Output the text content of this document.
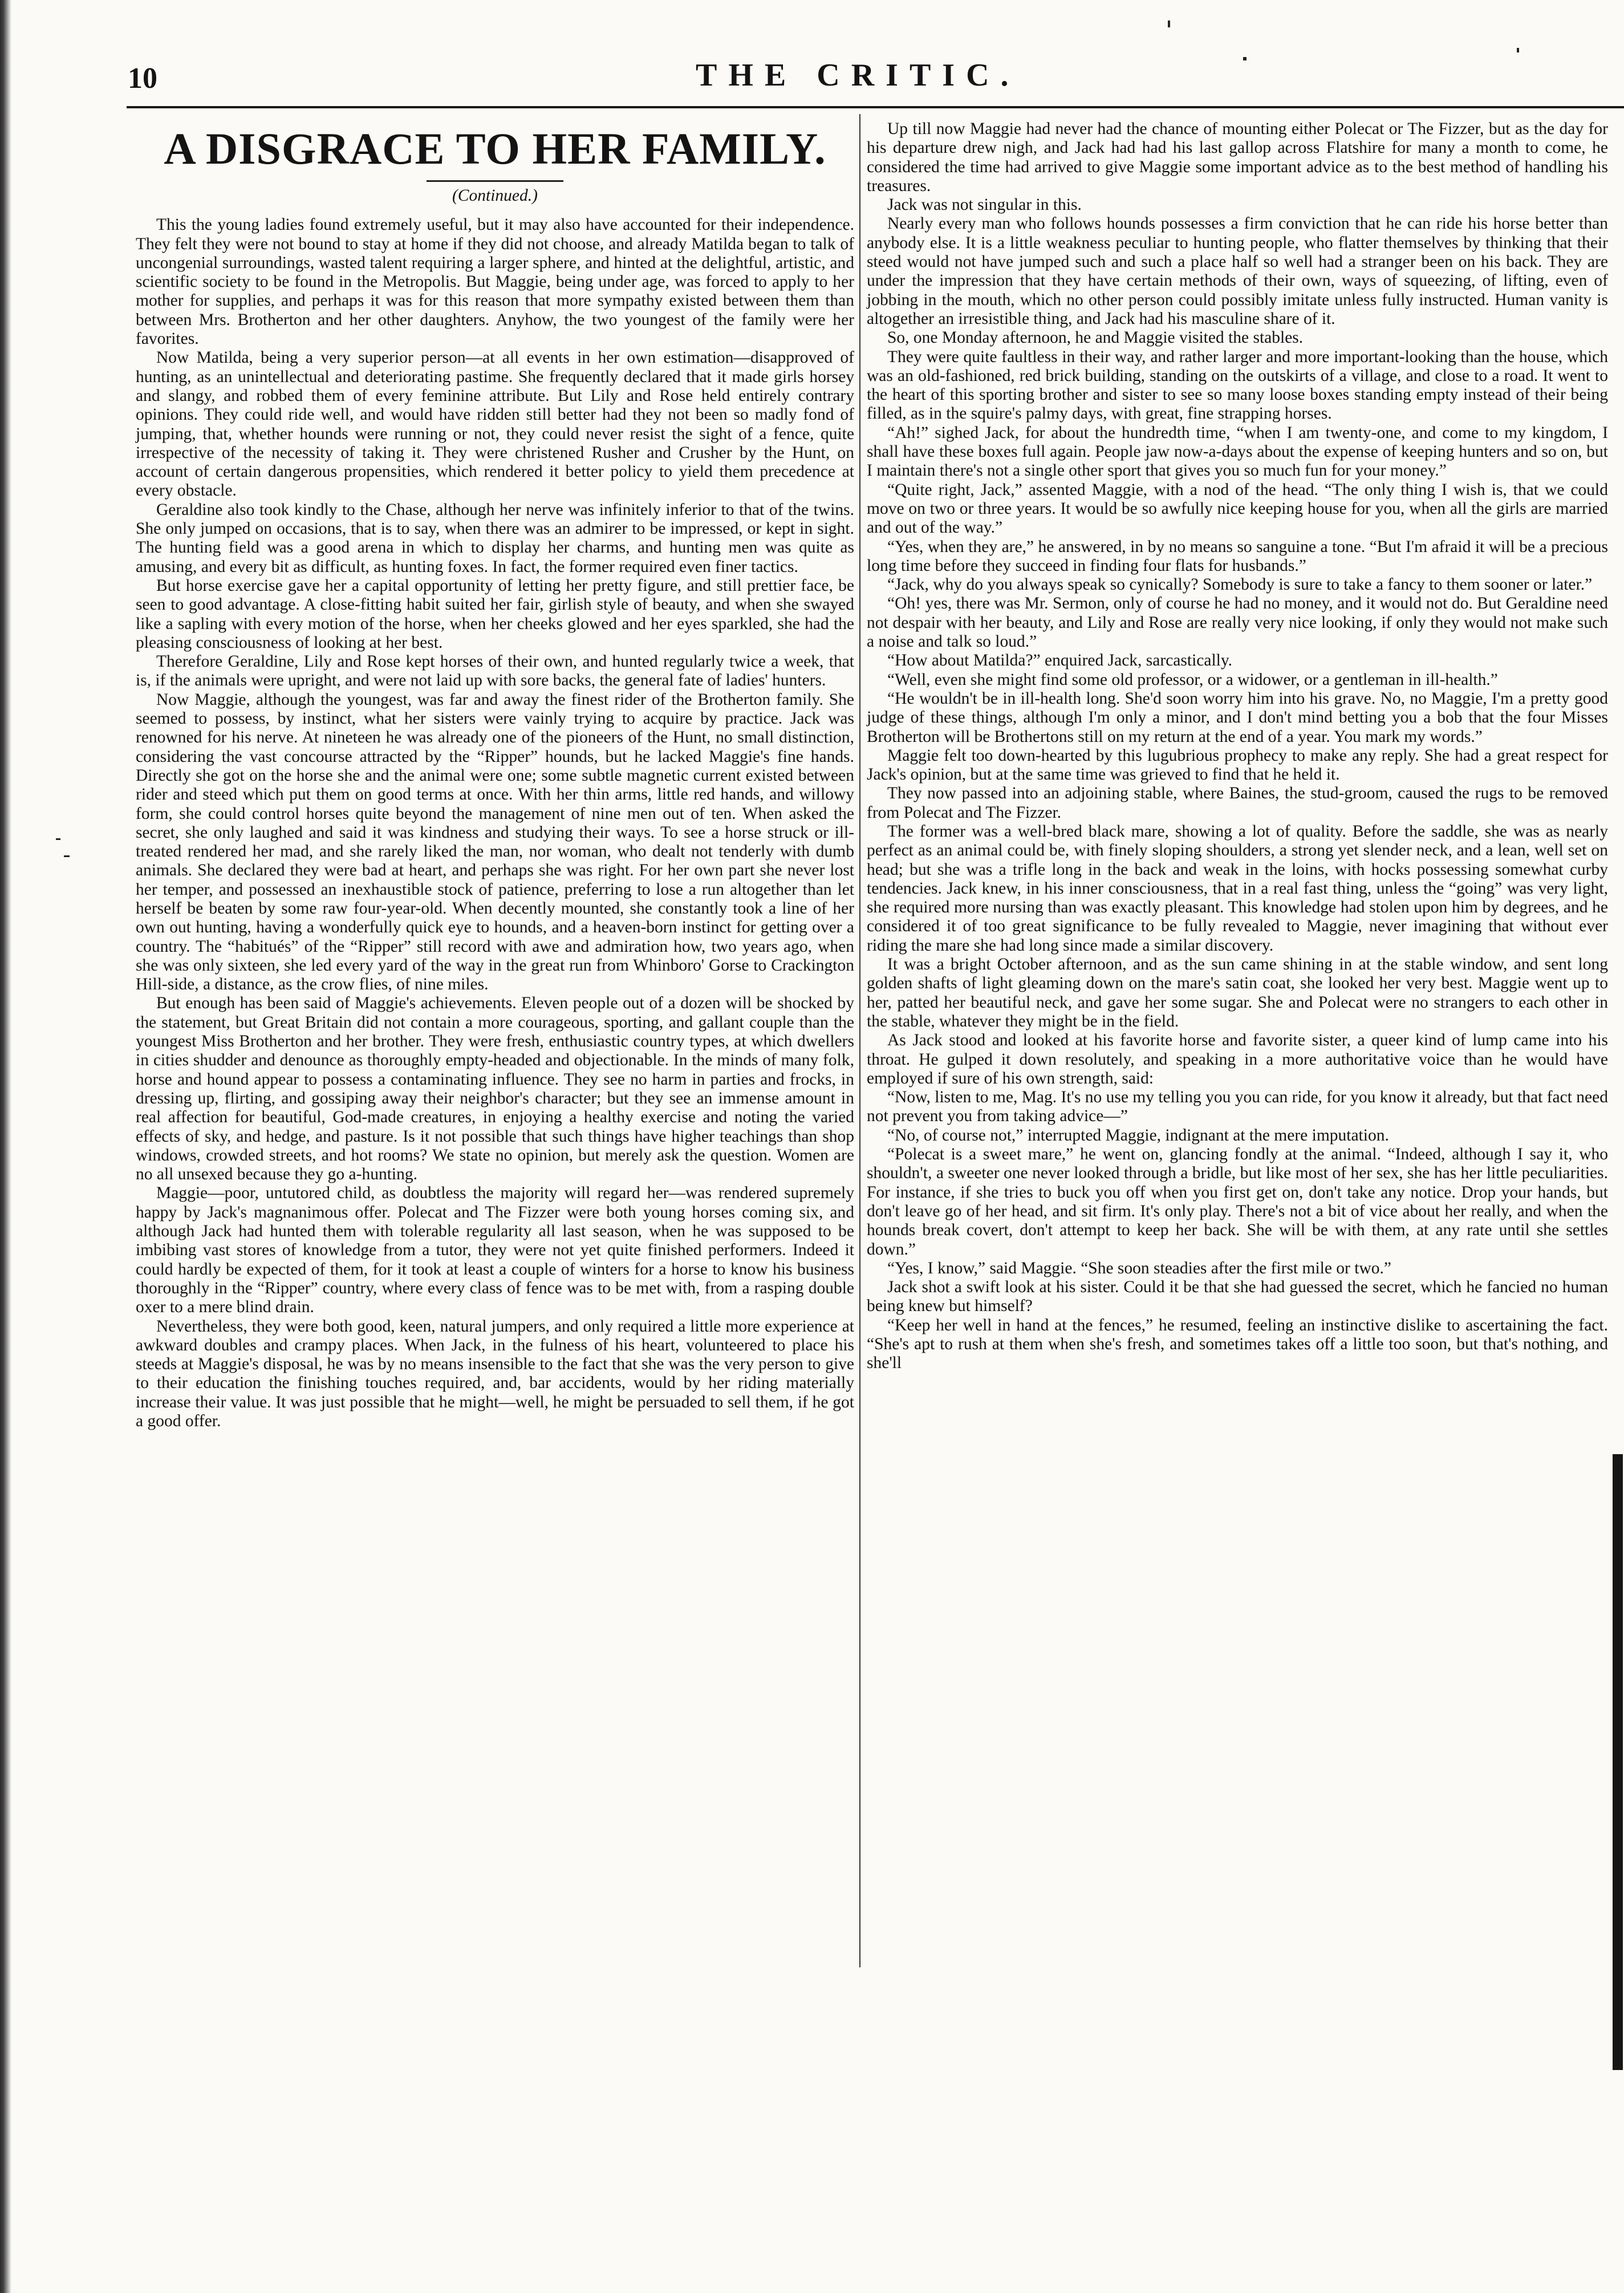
10	THE CRITIC.
A DISGRACE TO HER FAMILY.
(Continued.)

This the young ladies found extremely useful, but it may also have accounted for their independence. They felt they were not bound to stay at home if they did not choose, and already Matilda began to talk of uncongenial surroundings, wasted talent requiring a larger sphere, and hinted at the delightful, artistic, and scientific society to be found in the Metropolis. But Maggie, being under age, was forced to apply to her mother for supplies, and perhaps it was for this reason that more sympathy existed between them than between Mrs. Brotherton and her other daughters. Anyhow, the two youngest of the family were her favorites.

Now Matilda, being a very superior person—at all events in her own estimation—disapproved of hunting, as an unintellectual and deteriorating pastime. She frequently declared that it made girls horsey and slangy, and robbed them of every feminine attribute. But Lily and Rose held entirely contrary opinions. They could ride well, and would have ridden still better had they not been so madly fond of jumping, that, whether hounds were running or not, they could never resist the sight of a fence, quite irrespective of the necessity of taking it. They were christened Rusher and Crusher by the Hunt, on account of certain dangerous propensities, which rendered it better policy to yield them precedence at every obstacle.

Geraldine also took kindly to the Chase, although her nerve was infinitely inferior to that of the twins. She only jumped on occasions, that is to say, when there was an admirer to be impressed, or kept in sight. The hunting field was a good arena in which to display her charms, and hunting men was quite as amusing, and every bit as difficult, as hunting foxes. In fact, the former required even finer tactics.

But horse exercise gave her a capital opportunity of letting her pretty figure, and still prettier face, be seen to good advantage. A close-fitting habit suited her fair, girlish style of beauty, and when she swayed like a sapling with every motion of the horse, when her cheeks glowed and her eyes sparkled, she had the pleasing consciousness of looking at her best.

Therefore Geraldine, Lily and Rose kept horses of their own, and hunted regularly twice a week, that is, if the animals were upright, and were not laid up with sore backs, the general fate of ladies' hunters.

Now Maggie, although the youngest, was far and away the finest rider of the Brotherton family. She seemed to possess, by instinct, what her sisters were vainly trying to acquire by practice. Jack was renowned for his nerve. At nineteen he was already one of the pioneers of the Hunt, no small distinction, considering the vast concourse attracted by the “Ripper” hounds, but he lacked Maggie's fine hands. Directly she got on the horse she and the animal were one; some subtle magnetic current existed between rider and steed which put them on good terms at once. With her thin arms, little red hands, and willowy form, she could control horses quite beyond the management of nine men out of ten. When asked the secret, she only laughed and said it was kindness and studying their ways. To see a horse struck or ill-treated rendered her mad, and she rarely liked the man, nor woman, who dealt not tenderly with dumb animals. She declared they were bad at heart, and perhaps she was right. For her own part she never lost her temper, and possessed an inexhaustible stock of patience, preferring to lose a run altogether than let herself be beaten by some raw four-year-old. When decently mounted, she constantly took a line of her own out hunting, having a wonderfully quick eye to hounds, and a heaven-born instinct for getting over a country. The “habitués” of the “Ripper” still record with awe and admiration how, two years ago, when she was only sixteen, she led every yard of the way in the great run from Whinboro' Gorse to Crackington Hill-side, a distance, as the crow flies, of nine miles.

But enough has been said of Maggie's achievements. Eleven people out of a dozen will be shocked by the statement, but Great Britain did not contain a more courageous, sporting, and gallant couple than the youngest Miss Brotherton and her brother. They were fresh, enthusiastic country types, at which dwellers in cities shudder and denounce as thoroughly empty-headed and objectionable. In the minds of many folk, horse and hound appear to possess a contaminating influence. They see no harm in parties and frocks, in dressing up, flirting, and gossiping away their neighbor's character; but they see an immense amount in real affection for beautiful, God-made creatures, in enjoying a healthy exercise and noting the varied effects of sky, and hedge, and pasture. Is it not possible that such things have higher teachings than shop windows, crowded streets, and hot rooms? We state no opinion, but merely ask the question. Women are no all unsexed because they go a-hunting.

Maggie—poor, untutored child, as doubtless the majority will regard her—was rendered supremely happy by Jack's magnanimous offer. Polecat and The Fizzer were both young horses coming six, and although Jack had hunted them with tolerable regularity all last season, when he was supposed to be imbibing vast stores of knowledge from a tutor, they were not yet quite finished performers. Indeed it could hardly be expected of them, for it took at least a couple of winters for a horse to know his business thoroughly in the “Ripper” country, where every class of fence was to be met with, from a rasping double oxer to a mere blind drain.

Nevertheless, they were both good, keen, natural jumpers, and only required a little more experience at awkward doubles and crampy places. When Jack, in the fulness of his heart, volunteered to place his steeds at Maggie's disposal, he was by no means insensible to the fact that she was the very person to give to their education the finishing touches required, and, bar accidents, would by her riding materially increase their value. It was just possible that he might—well, he might be persuaded to sell them, if he got a good offer.

Up till now Maggie had never had the chance of mounting either Polecat or The Fizzer, but as the day for his departure drew nigh, and Jack had had his last gallop across Flatshire for many a month to come, he considered the time had arrived to give Maggie some important advice as to the best method of handling his treasures.

Jack was not singular in this.

Nearly every man who follows hounds possesses a firm conviction that he can ride his horse better than anybody else. It is a little weakness peculiar to hunting people, who flatter themselves by thinking that their steed would not have jumped such and such a place half so well had a stranger been on his back. They are under the impression that they have certain methods of their own, ways of squeezing, of lifting, even of jobbing in the mouth, which no other person could possibly imitate unless fully instructed. Human vanity is altogether an irresistible thing, and Jack had his masculine share of it.

So, one Monday afternoon, he and Maggie visited the stables.

They were quite faultless in their way, and rather larger and more important-looking than the house, which was an old-fashioned, red brick building, standing on the outskirts of a village, and close to a road. It went to the heart of this sporting brother and sister to see so many loose boxes standing empty instead of their being filled, as in the squire's palmy days, with great, fine strapping horses.

“Ah!” sighed Jack, for about the hundredth time, “when I am twenty-one, and come to my kingdom, I shall have these boxes full again. People jaw now-a-days about the expense of keeping hunters and so on, but I maintain there's not a single other sport that gives you so much fun for your money.”

“Quite right, Jack,” assented Maggie, with a nod of the head. “The only thing I wish is, that we could move on two or three years. It would be so awfully nice keeping house for you, when all the girls are married and out of the way.”

“Yes, when they are,” he answered, in by no means so sanguine a tone. “But I'm afraid it will be a precious long time before they succeed in finding four flats for husbands.”

“Jack, why do you always speak so cynically? Somebody is sure to take a fancy to them sooner or later.”

“Oh! yes, there was Mr. Sermon, only of course he had no money, and it would not do. But Geraldine need not despair with her beauty, and Lily and Rose are really very nice looking, if only they would not make such a noise and talk so loud.”

“How about Matilda?” enquired Jack, sarcastically.

“Well, even she might find some old professor, or a widower, or a gentleman in ill-health.”

“He wouldn't be in ill-health long. She'd soon worry him into his grave. No, no Maggie, I'm a pretty good judge of these things, although I'm only a minor, and I don't mind betting you a bob that the four Misses Brotherton will be Brothertons still on my return at the end of a year. You mark my words.”

Maggie felt too down-hearted by this lugubrious prophecy to make any reply. She had a great respect for Jack's opinion, but at the same time was grieved to find that he held it.

They now passed into an adjoining stable, where Baines, the stud-groom, caused the rugs to be removed from Polecat and The Fizzer.

The former was a well-bred black mare, showing a lot of quality. Before the saddle, she was as nearly perfect as an animal could be, with finely sloping shoulders, a strong yet slender neck, and a lean, well set on head; but she was a trifle long in the back and weak in the loins, with hocks possessing somewhat curby tendencies. Jack knew, in his inner consciousness, that in a real fast thing, unless the “going” was very light, she required more nursing than was exactly pleasant. This knowledge had stolen upon him by degrees, and he considered it of too great significance to be fully revealed to Maggie, never imagining that without ever riding the mare she had long since made a similar discovery.

It was a bright October afternoon, and as the sun came shining in at the stable window, and sent long golden shafts of light gleaming down on the mare's satin coat, she looked her very best. Maggie went up to her, patted her beautiful neck, and gave her some sugar. She and Polecat were no strangers to each other in the stable, whatever they might be in the field.

As Jack stood and looked at his favorite horse and favorite sister, a queer kind of lump came into his throat. He gulped it down resolutely, and speaking in a more authoritative voice than he would have employed if sure of his own strength, said:

“Now, listen to me, Mag. It's no use my telling you you can ride, for you know it already, but that fact need not prevent you from taking advice—”

“No, of course not,” interrupted Maggie, indignant at the mere imputation.

“Polecat is a sweet mare,” he went on, glancing fondly at the animal. “Indeed, although I say it, who shouldn't, a sweeter one never looked through a bridle, but like most of her sex, she has her little peculiarities. For instance, if she tries to buck you off when you first get on, don't take any notice. Drop your hands, but don't leave go of her head, and sit firm. It's only play. There's not a bit of vice about her really, and when the hounds break covert, don't attempt to keep her back. She will be with them, at any rate until she settles down.”

“Yes, I know,” said Maggie. “She soon steadies after the first mile or two.”

Jack shot a swift look at his sister. Could it be that she had guessed the secret, which he fancied no human being knew but himself?

“Keep her well in hand at the fences,” he resumed, feeling an instinctive dislike to ascertaining the fact. “She's apt to rush at them when she's fresh, and sometimes takes off a little too soon, but that's nothing, and she'll
